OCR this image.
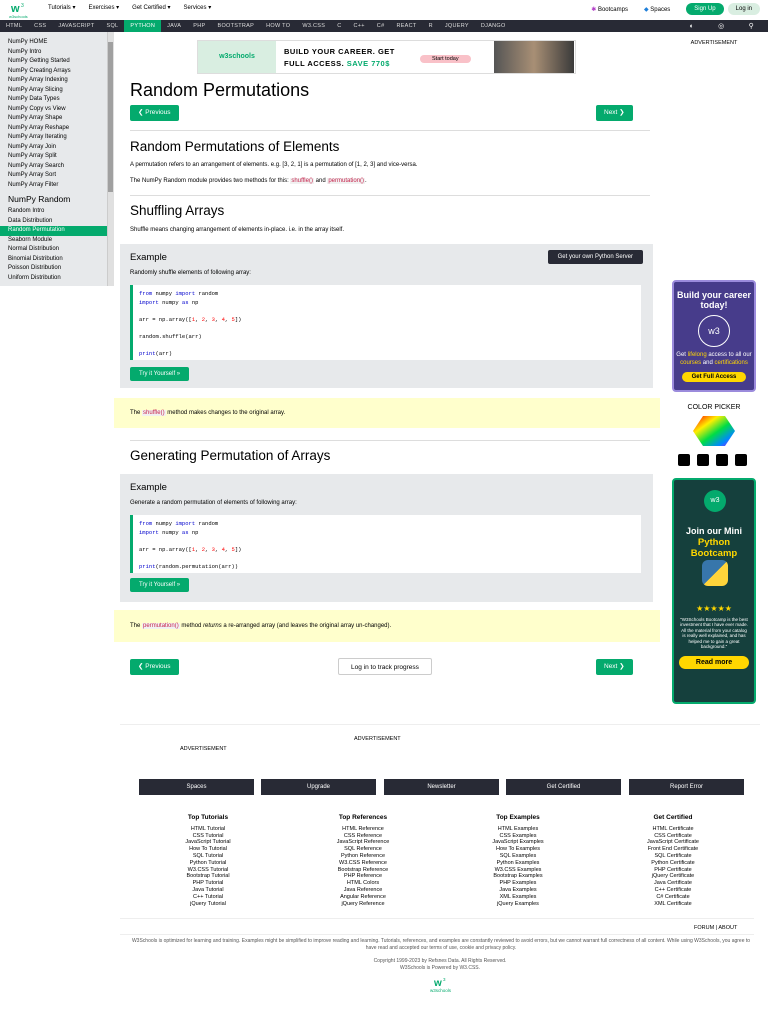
w 3
w3schools
Tutorials ▾ Exercises ▾ Get Certified ▾ Services ▾	✱ Bootcamps	◆ Spaces	Sign Up	Log in
HTML	CSS	JAVASCRIPT	SQL	PYTHON	JAVA	PHP	BOOTSTRAP	HOW TO	W3.CSS	C	C++	C#	REACT	R	JQUERY	DJANGO	◐	◎	⚲
NumPy HOME
NumPy Intro
NumPy Getting Started
NumPy Creating Arrays
NumPy Array Indexing
NumPy Array Slicing
NumPy Data Types
NumPy Copy vs View
NumPy Array Shape
NumPy Array Reshape
NumPy Array Iterating
NumPy Array Join
NumPy Array Split
NumPy Array Search
NumPy Array Sort
NumPy Array Filter
NumPy Random
Random Intro
Data Distribution
Random Permutation
Seaborn Module
Normal Distribution
Binomial Distribution
Poisson Distribution
Uniform Distribution
w3schools
BUILD YOUR CAREER. GET
FULL ACCESS. SAVE 770$	Start today
Random Permutations
❮ Previous	Next ❯
Random Permutations of Elements

A permutation refers to an arrangement of elements. e.g. [3, 2, 1] is a permutation of [1, 2, 3] and vice-versa.

The NumPy Random module provides two methods for this: shuffle() and permutation().

Shuffling Arrays

Shuffle means changing arrangement of elements in-place. i.e. in the array itself.

Example	Get your own Python Server
Randomly shuffle elements of following array:
from numpy import random
import numpy as np

arr = np.array([1, 2, 3, 4, 5])

random.shuffle(arr)

print(arr)
Try it Yourself »
The shuffle() method makes changes to the original array.
Generating Permutation of Arrays
Example
Generate a random permutation of elements of following array:
from numpy import random
import numpy as np

arr = np.array([1, 2, 3, 4, 5])

print(random.permutation(arr))
Try it Yourself »
The permutation() method returns a re-arranged array (and leaves the original array un-changed).
❮ Previous	Log in to track progress	Next ❯
ADVERTISEMENT
Build your career today!
w3
Get lifelong access to all our courses and certifications
Get Full Access
COLOR PICKER
w3
Join our Mini
Python Bootcamp
★★★★★
"W3Schools Bootcamp is the best investment that I have ever made. All the material from your catalog is really well explained, and has helped me to gain a great background."
Read more
ADVERTISEMENT
ADVERTISEMENT
Spaces	Upgrade	Newsletter	Get Certified	Report Error
Top Tutorials
HTML Tutorial
CSS Tutorial
JavaScript Tutorial
How To Tutorial
SQL Tutorial
Python Tutorial
W3.CSS Tutorial
Bootstrap Tutorial
PHP Tutorial
Java Tutorial
C++ Tutorial
jQuery Tutorial
Top References
HTML Reference
CSS Reference
JavaScript Reference
SQL Reference
Python Reference
W3.CSS Reference
Bootstrap Reference
PHP Reference
HTML Colors
Java Reference
Angular Reference
jQuery Reference
Top Examples
HTML Examples
CSS Examples
JavaScript Examples
How To Examples
SQL Examples
Python Examples
W3.CSS Examples
Bootstrap Examples
PHP Examples
Java Examples
XML Examples
jQuery Examples
Get Certified
HTML Certificate
CSS Certificate
JavaScript Certificate
Front End Certificate
SQL Certificate
Python Certificate
PHP Certificate
jQuery Certificate
Java Certificate
C++ Certificate
C# Certificate
XML Certificate
FORUM | ABOUT
W3Schools is optimized for learning and training. Examples might be simplified to improve reading and learning. Tutorials, references, and examples are constantly reviewed to avoid errors, but we cannot warrant full correctness of all content. While using W3Schools, you agree to have read and accepted our terms of use, cookie and privacy policy.
Copyright 1999-2023 by Refsnes Data. All Rights Reserved.
W3Schools is Powered by W3.CSS.
w 3
w3schools
